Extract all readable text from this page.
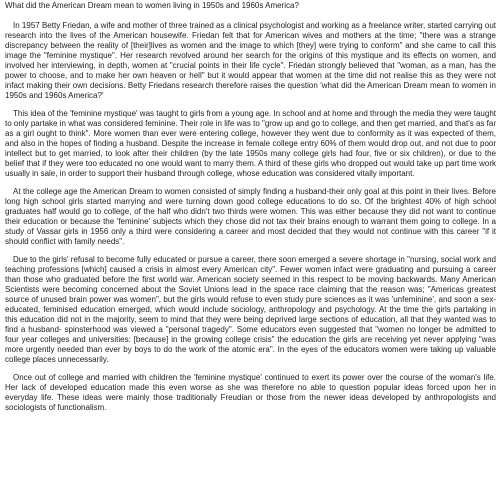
What did the American Dream mean to women living in 1950s and 1960s America?

In 1957 Betty Friedan, a wife and mother of three trained as a clinical psychologist and working as a freelance writer, started carrying out research into the lives of the American housewife. Friedan felt that for American wives and mothers at the time; "there was a strange discrepancy between the reality of [their]lives as women and the image to which [they] were trying to conform" and she came to call this image the "feminine mystique". Her research revolved around her search for the origins of this mystique and its effects on women, and involved her interviewing, in depth, women at "crucial points in their life cycle". Friedan strongly believed that "woman, as a man, has the power to choose, and to make her own heaven or hell" but it would appear that women at the time did not realise this as they were not infact making their own decisions. Betty Friedans research therefore raises the question 'what did the American Dream mean to women in 1950s and 1960s America?'

This idea of the 'feminine mystique' was taught to girls from a young age. In school and at home and through the media they were taught to only partake in what was considered feminine. Their role in life was to "grow up and go to college, and then get married, and that's as far as a girl ought to think". More women than ever were entering college, however they went due to conformity as it was expected of them, and also in the hopes of finding a husband. Despite the increase in female college entry 60% of them would drop out, and not due to poor intellect but to get married, to look after their children (by the late 1950s many college girls had four, five or six children), or due to the belief that if they were too educated no one would want to marry them. A third of these girls who dropped out would take up part time work usually in sale, in order to support their husband through college, whose education was considered vitally important.

At the college age the American Dream to women consisted of simply finding a husband-their only goal at this point in their lives. Before long high school girls started marrying and were turning down good college educations to do so. Of the brightest 40% of high school graduates half would go to college, of the half who didn't two thirds were women. This was either because they did not want to continue their education or because the 'feminine' subjects which they chose did not tax their brains enough to warrant them going to college. In a study of Vassar girls in 1956 only a third were considering a career and most decided that they would not continue with this career "if it should conflict with family needs".

Due to the girls' refusal to become fully educated or pursue a career, there soon emerged a severe shortage in "nursing, social work and teaching professions [which] caused a crisis in almost every American city". Fewer women infact were graduating and pursuing a career than those who graduated before the first world war. American society seemed in this respect to be moving backwards. Many American Scientists were becoming concerned about the Soviet Unions lead in the space race claiming that the reason was; "Americas greatest source of unused brain power was women", but the girls would refuse to even study pure sciences as it was 'unfeminine', and soon a sex-educated, feminised education emerged, which would include sociology, anthropology and psychology. At the time the girls partaking in this education did not in the majority, seem to mind that they were being deprived large sections of education, all that they wanted was to find a husband- spinsterhood was viewed a "personal tragedy". Some educators even suggested that "women no longer be admitted to four year colleges and universities: [because] in the growing college crisis" the education the girls are receiving yet never applying "was more urgently needed than ever by boys to do the work of the atomic era". In the eyes of the educators women were taking up valuable college places unnecessarily.

Once out of college and married with children the 'feminine mystique' continued to exert its power over the course of the woman's life. Her lack of developed education made this even worse as she was therefore no able to question popular ideas forced upon her in everyday life. These ideas were mainly those traditionally Freudian or those from the newer ideas developed by anthropologists and sociologists of functionalism.
